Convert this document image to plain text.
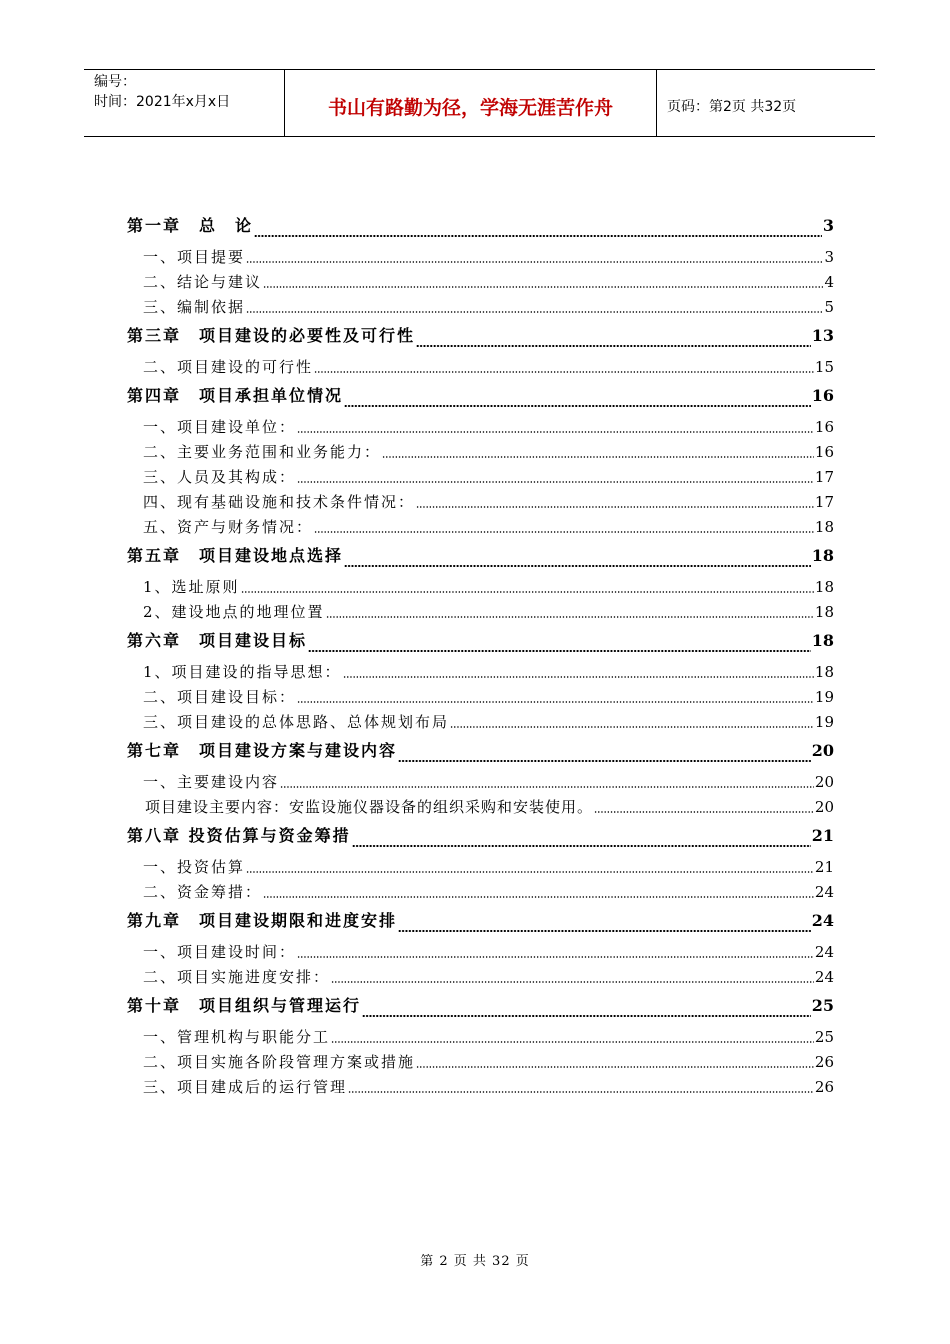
编号：
时间：2021年x月x日	书山有路勤为径，学海无涯苦作舟	页码：第2页 共32页
第一章　总　论	3
一、项目提要	3
二、结论与建议	4
三、编制依据	5
第三章　项目建设的必要性及可行性	13
二、项目建设的可行性	15
第四章　项目承担单位情况	16
一、项目建设单位：	16
二、主要业务范围和业务能力：	16
三、人员及其构成：	17
四、现有基础设施和技术条件情况：	17
五、资产与财务情况：	18
第五章　项目建设地点选择	18
1、选址原则	18
2、建设地点的地理位置	18
第六章　项目建设目标	18
1、项目建设的指导思想：	18
二、项目建设目标：	19
三、项目建设的总体思路、总体规划布局	19
第七章　项目建设方案与建设内容	20
一、主要建设内容	20
项目建设主要内容：安监设施仪器设备的组织采购和安装使用。	20
第八章 投资估算与资金筹措	21
一、投资估算	21
二、资金筹措：	24
第九章　项目建设期限和进度安排	24
一、项目建设时间：	24
二、项目实施进度安排：	24
第十章　项目组织与管理运行	25
一、管理机构与职能分工	25
二、项目实施各阶段管理方案或措施	26
三、项目建成后的运行管理	26
第 2 页 共 32 页
